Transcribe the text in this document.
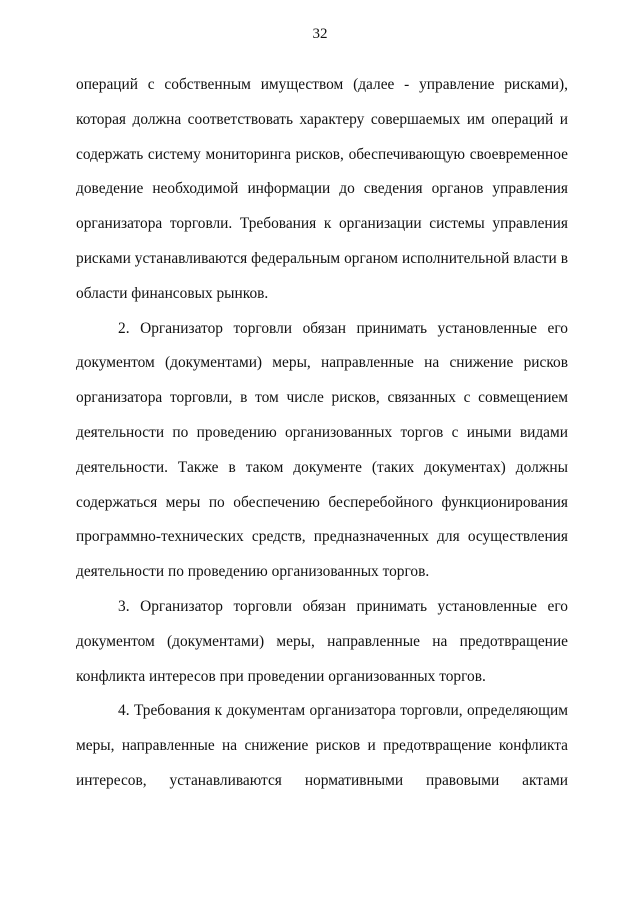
32
операций с собственным имуществом (далее - управление рисками),
которая должна соответствовать характеру совершаемых им операций и
содержать систему мониторинга рисков, обеспечивающую своевременное
доведение необходимой информации до сведения органов управления
организатора торговли. Требования к организации системы управления
рисками устанавливаются федеральным органом исполнительной власти в
области финансовых рынков.
2. Организатор торговли обязан принимать установленные его
документом (документами) меры, направленные на снижение рисков
организатора торговли, в том числе рисков, связанных с совмещением
деятельности по проведению организованных торгов с иными видами
деятельности. Также в таком документе (таких документах) должны
содержаться меры по обеспечению бесперебойного функционирования
программно-технических средств, предназначенных для осуществления
деятельности по проведению организованных торгов.
3. Организатор торговли обязан принимать установленные его
документом (документами) меры, направленные на предотвращение
конфликта интересов при проведении организованных торгов.
4. Требования к документам организатора торговли, определяющим
меры, направленные на снижение рисков и предотвращение конфликта
интересов, устанавливаются нормативными правовыми актами
